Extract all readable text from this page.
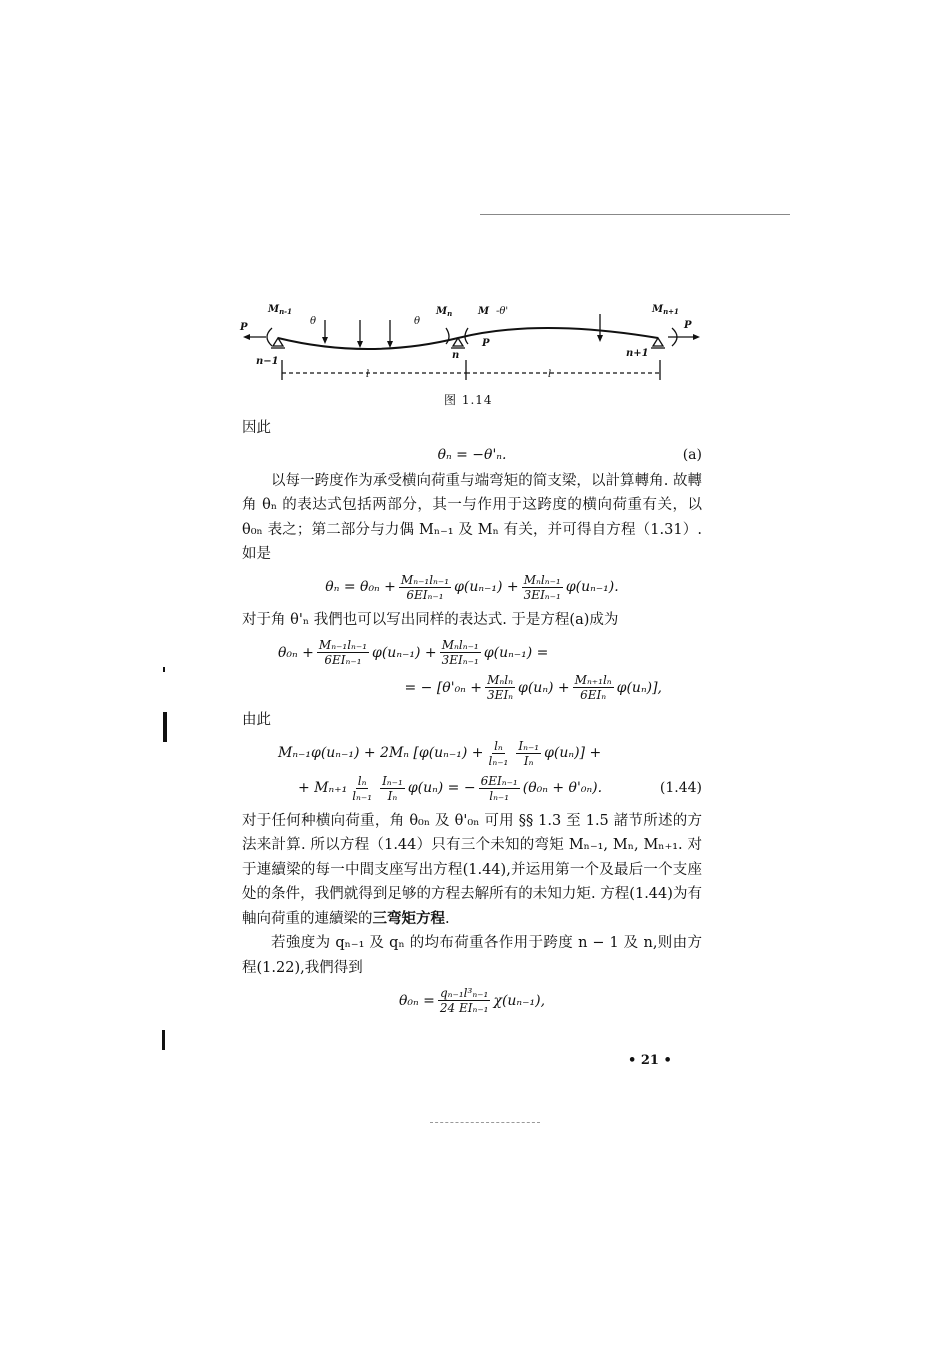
$M_{n-1}$
P
θ	θ
$M_n$	M -θ'
P
$M_{n+1}$
P
n−1
n	n+1
l	l
图 1.14

因此

θₙ = −θ'ₙ.	(a)

以每一跨度作为承受横向荷重与端弯矩的简支梁，以計算轉角. 故轉角 θₙ 的表达式包括两部分，其一与作用于这跨度的横向荷重有关，以 θ₀ₙ 表之；第二部分与力偶 Mₙ₋₁ 及 Mₙ 有关，并可得自方程（1.31）. 如是

$\theta_n = \theta_{0n} + \frac{\text{Mₙ₋₁lₙ₋₁}}{\text{6EIₙ₋₁}} \varphi(u_{n-1}) + \frac{\text{Mₙlₙ₋₁}}{\text{3EIₙ₋₁}} \varphi(u_{n-1})$.

对于角 θ'ₙ 我們也可以写出同样的表达式. 于是方程(a)成为

$\theta_{0n} + \frac{\text{Mₙ₋₁lₙ₋₁}}{\text{6EIₙ₋₁}} \varphi(u_{n-1}) + \frac{\text{Mₙlₙ₋₁}}{\text{3EIₙ₋₁}} \varphi(u_{n-1})$ =
= − $[\theta'_{0n} + \frac{\text{Mₙlₙ}}{\text{3EIₙ}} \varphi(u_n) + \frac{\text{Mₙ₊₁lₙ}}{\text{6EIₙ}} \varphi(u_n)]$,

由此

Mₙ₋₁φ(uₙ₋₁) + 2Mₙ $[\varphi(u_{n-1}) + \frac{\text{lₙ}}{\text{lₙ₋₁}} \frac{\text{Iₙ₋₁}}{\text{Iₙ}} \varphi(u_n)]$ +
+ $M_{n+1} \frac{\text{lₙ}}{\text{lₙ₋₁}} \frac{\text{Iₙ₋₁}}{\text{Iₙ}} \varphi(u_n)$ = − $\frac{\text{6EIₙ₋₁}}{\text{lₙ₋₁}} (\theta_{0n} + \theta'_{0n})$.	(1.44)

对于任何种横向荷重，角 θ₀ₙ 及 θ'₀ₙ 可用 §§ 1.3 至 1.5 諸节所述的方法来計算. 所以方程（1.44）只有三个未知的弯矩 Mₙ₋₁, Mₙ, Mₙ₊₁. 对于連續梁的每一中間支座写出方程(1.44),并运用第一个及最后一个支座处的条件，我們就得到足够的方程去解所有的未知力矩. 方程(1.44)为有軸向荷重的連續梁的三弯矩方程.

若強度为 qₙ₋₁ 及 qₙ 的均布荷重各作用于跨度 n − 1 及 n,则由方程(1.22),我們得到

$\theta_{0n} = \frac{\text{qₙ₋₁l³ₙ₋₁}}{\text{24 EIₙ₋₁}} \chi(u_{n-1})$,
• 21 •
